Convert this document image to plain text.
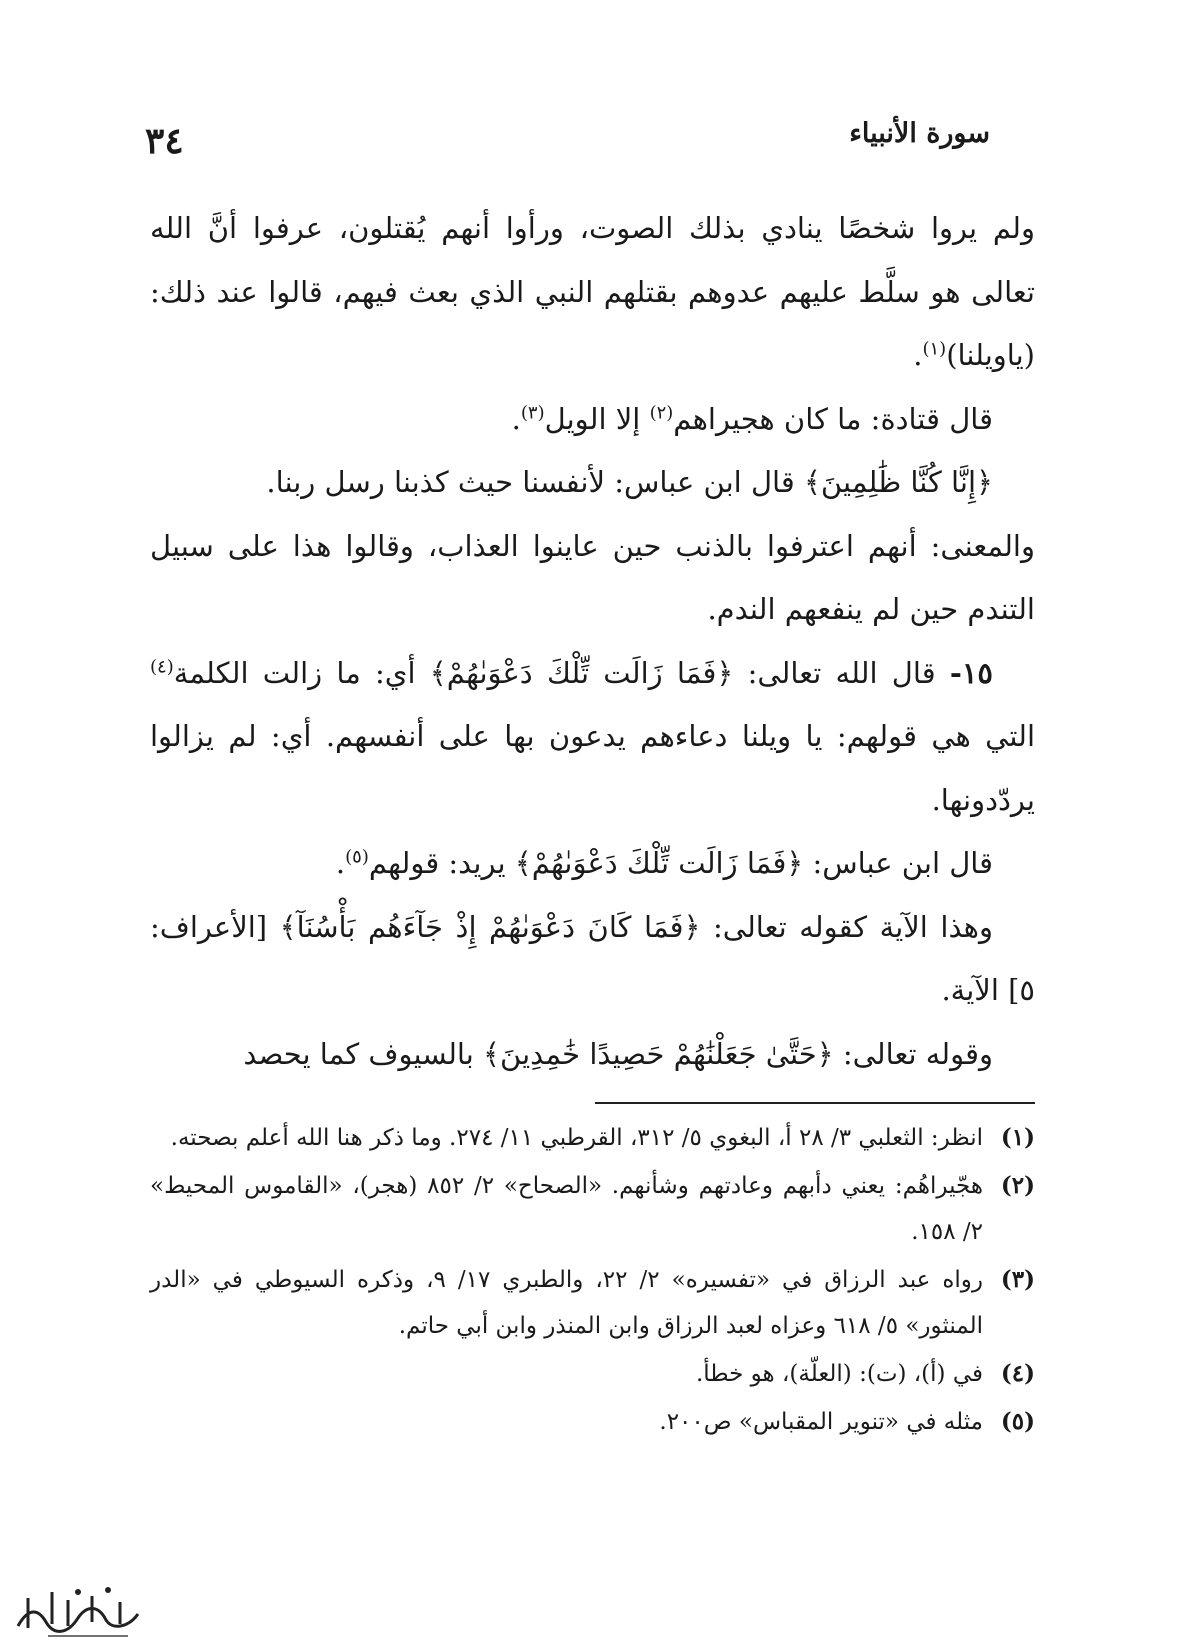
سورة الأنبياء
٣٤

ولم يروا شخصًا ينادي بذلك الصوت، ورأوا أنهم يُقتلون، عرفوا أنَّ الله تعالى هو سلَّط عليهم عدوهم بقتلهم النبي الذي بعث فيهم، قالوا عند ذلك: (ياويلنا)$^{(١)}$.

قال قتادة: ما كان هجيراهم$^{(٢)}$ إلا الويل$^{(٣)}$.

﴿إِنَّا كُنَّا ظَٰلِمِينَ﴾ قال ابن عباس: لأنفسنا حيث كذبنا رسل ربنا.

والمعنى: أنهم اعترفوا بالذنب حين عاينوا العذاب، وقالوا هذا على سبيل التندم حين لم ينفعهم الندم.

١٥- قال الله تعالى: ﴿فَمَا زَالَت تِّلْكَ دَعْوَىٰهُمْ﴾ أي: ما زالت الكلمة$^{(٤)}$ التي هي قولهم: يا ويلنا دعاءهم يدعون بها على أنفسهم. أي: لم يزالوا يردّدونها.

قال ابن عباس: ﴿فَمَا زَالَت تِّلْكَ دَعْوَىٰهُمْ﴾ يريد: قولهم$^{(٥)}$.

وهذا الآية كقوله تعالى: ﴿فَمَا كَانَ دَعْوَىٰهُمْ إِذْ جَآءَهُم بَأْسُنَآ﴾ [الأعراف: ٥] الآية.

وقوله تعالى: ﴿حَتَّىٰ جَعَلْنَٰهُمْ حَصِيدًا خَٰمِدِينَ﴾ بالسيوف كما يحصد

(١)
انظر: الثعلبي ٣/ ٢٨ أ، البغوي ٥/ ٣١٢، القرطبي ١١/ ٢٧٤. وما ذكر هنا الله أعلم بصحته.

(٢)
هجّيراهُم: يعني دأبهم وعادتهم وشأنهم. «الصحاح» ٢/ ٨٥٢ (هجر)، «القاموس المحيط» ٢/ ١٥٨.

(٣)
رواه عبد الرزاق في «تفسيره» ٢/ ٢٢، والطبري ١٧/ ٩، وذكره السيوطي في «الدر المنثور» ٥/ ٦١٨ وعزاه لعبد الرزاق وابن المنذر وابن أبي حاتم.

(٤)
في (أ)، (ت): (العلّة)، هو خطأ.

(٥)
مثله في «تنوير المقباس» ص٢٠٠.
